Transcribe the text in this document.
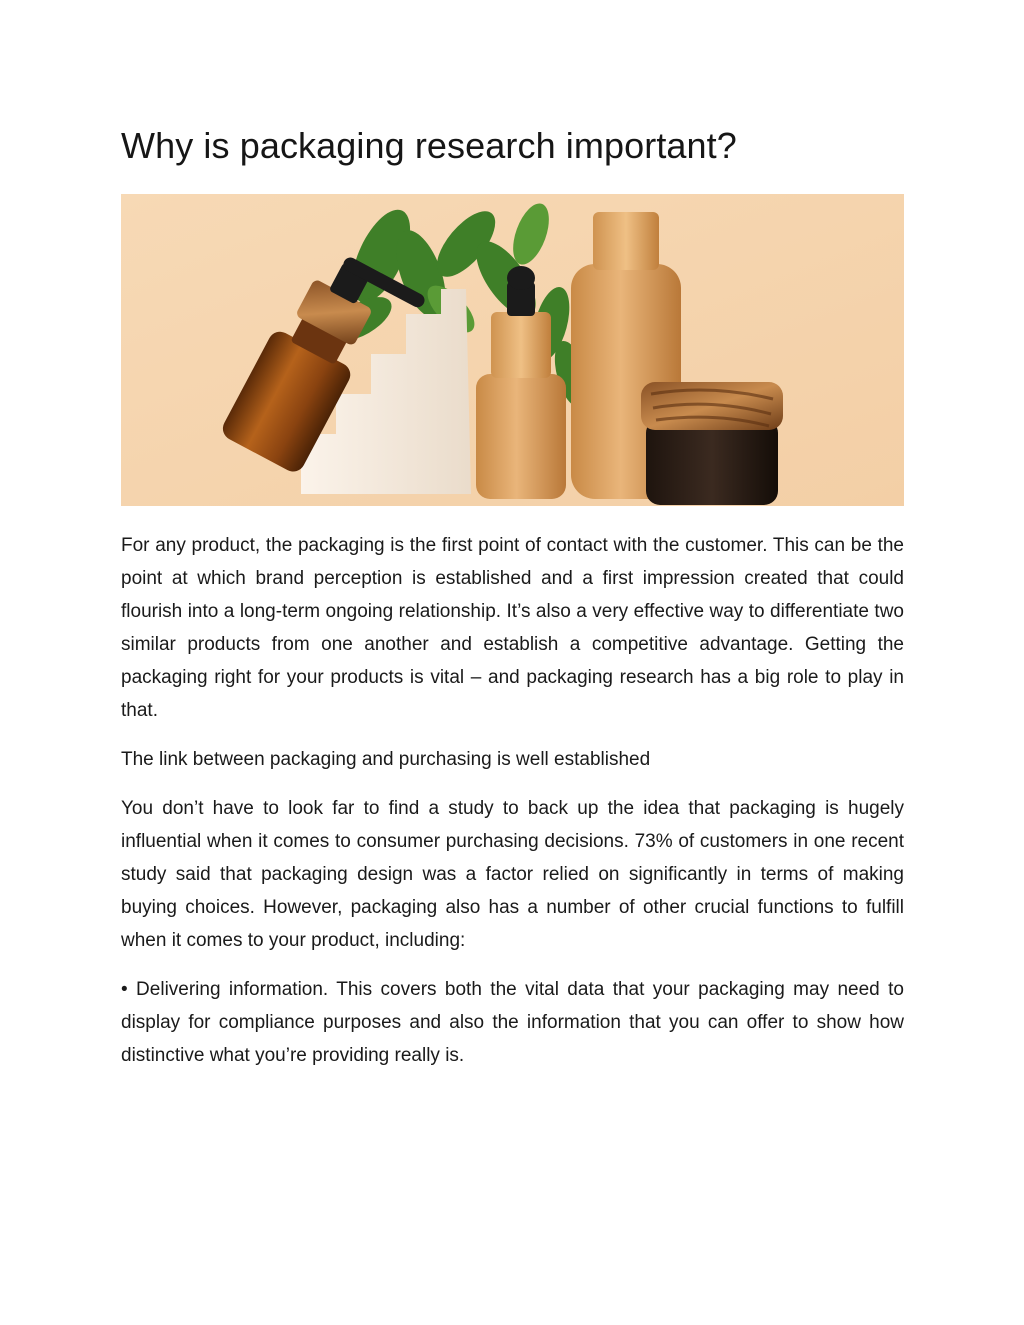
Why is packaging research important?

For any product, the packaging is the first point of contact with the customer. This can be the point at which brand perception is established and a first impression created that could flourish into a long-term ongoing relationship. It’s also a very effective way to differentiate two similar products from one another and establish a competitive advantage. Getting the packaging right for your products is vital – and packaging research has a big role to play in that.

The link between packaging and purchasing is well established

You don’t have to look far to find a study to back up the idea that packaging is hugely influential when it comes to consumer purchasing decisions. 73% of customers in one recent study said that packaging design was a factor relied on significantly in terms of making buying choices. However, packaging also has a number of other crucial functions to fulfill when it comes to your product, including:

• Delivering information. This covers both the vital data that your packaging may need to display for compliance purposes and also the information that you can offer to show how distinctive what you’re providing really is.
